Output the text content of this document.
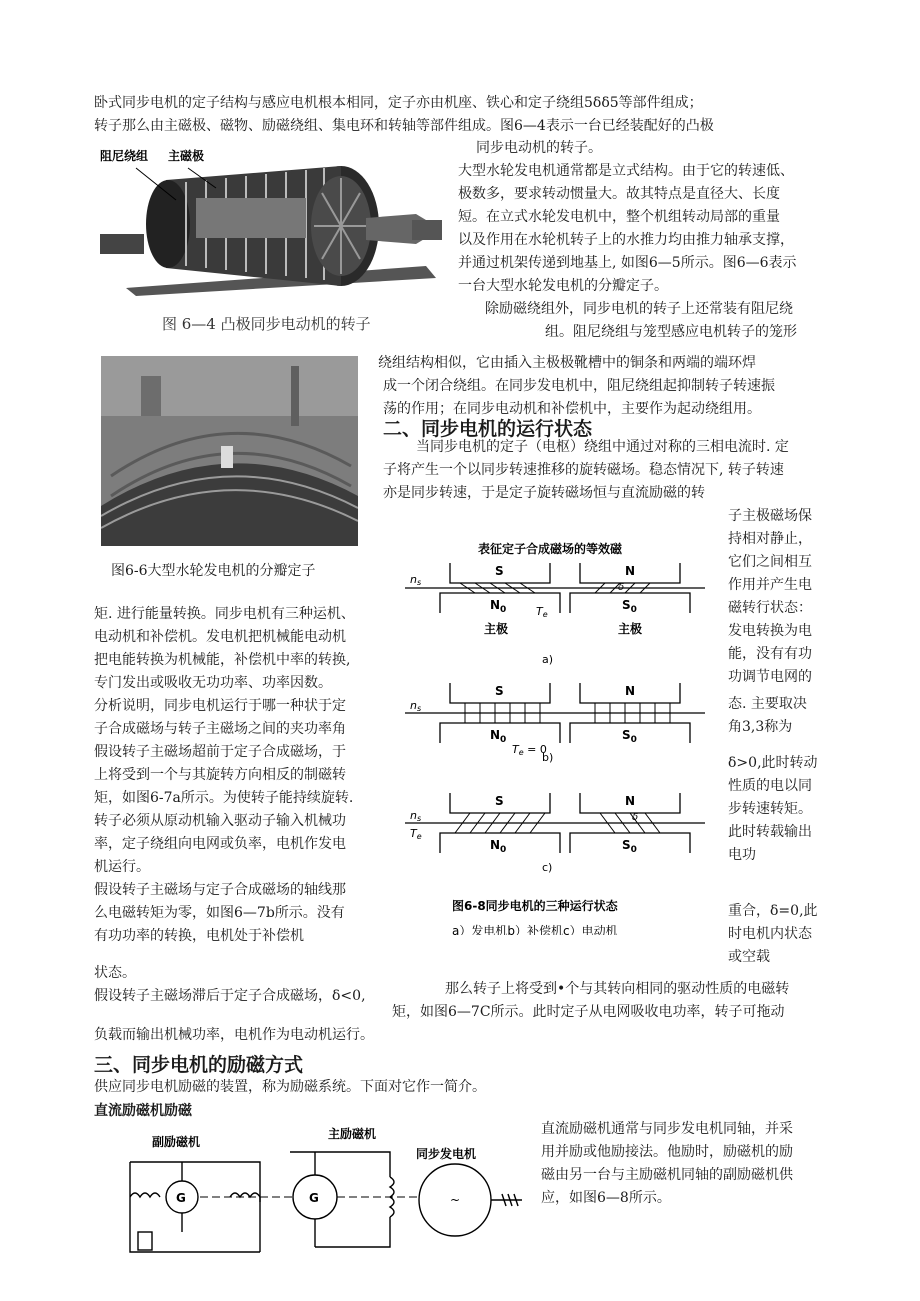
卧式同步电机的定子结构与感应电机根本相同，定子亦由机座、铁心和定子绕组5δδ5等部件组成；
转子那么由主磁极、磁物、励磁绕组、集电环和转轴等部件组成。图6—4表示一台已经装配好的凸极
同步电动机的转子。
阻尼绕组 主磁极
图 6—4 凸极同步电动机的转子
大型水轮发电机通常都是立式结构。由于它的转速低、
极数多，要求转动惯量大。故其特点是直径大、长度
短。在立式水轮发电机中，整个机组转动局部的重量
以及作用在水轮机转子上的水推力均由推力轴承支撑，
并通过机架传递到地基上, 如图6—5所示。图6—6表示
一台大型水轮发电机的分瓣定子。
除励磁绕组外，同步电机的转子上还常装有阻尼绕
组。阻尼绕组与笼型感应电机转子的笼形
绕组结构相似，它由插入主极极靴槽中的铜条和两端的端环焊
成一个闭合绕组。在同步发电机中，阻尼绕组起抑制转子转速振
荡的作用；在同步电动机和补偿机中，主要作为起动绕组用。
图6-6大型水轮发电机的分瓣定子
二、同步电机的运行状态
当同步电机的定子（电枢）绕组中通过对称的三相电流时. 定
子将产生一个以同步转速推移的旋转磁场。稳态情况下, 转子转速
亦是同步转速，于是定子旋转磁场恒与直流励磁的转
表征定子合成磁场的等效磁
S	N
$N_0$	$S_0$
ns
Te
主极	主极
δ
a)
S	N
$N_0$	$S_0$
ns
Te = 0
b)
S	N
$N_0$	$S_0$
ns
Te
δ
c)
图6-8同步电机的三种运行状态
a）发电机b）补偿机c）电动机
子主极磁场保
持相对静止，
它们之间相互
作用并产生电
磁转行状态：
发电转换为电
能，没有有功
功调节电网的
态. 主要取决
角3,3称为
δ>0,此时转动
性质的电以同
步转速转矩。
此时转载输出
电功
重合，δ=0,此
时电机内状态
或空载
矩. 进行能量转换。同步电机有三种运机、
电动机和补偿机。发电机把机械能电动机
把电能转换为机械能，补偿机中率的转换,
专门发出或吸收无功功率、功率因数。
分析说明，同步电机运行于哪一种状于定
子合成磁场与转子主磁场之间的夹功率角
假设转子主磁场超前于定子合成磁场，于
上将受到一个与其旋转方向相反的制磁转
矩，如图6-7a所示。为使转子能持续旋转.
转子必须从原动机输入驱动子输入机械功
率，定子绕组向电网或负率，电机作发电
机运行。
假设转子主磁场与定子合成磁场的轴线那
么电磁转矩为零，如图6—7b所示。没有
有功功率的转换，电机处于补偿机
状态。
假设转子主磁场滞后于定子合成磁场，δ<0,	那么转子上将受到•个与其转向相同的驱动性质的电磁转
矩，如图6—7C所示。此时定子从电网吸收电功率，转子可拖动
负载而输出机械功率，电机作为电动机运行。
三、同步电机的励磁方式
供应同步电机励磁的装置，称为励磁系统。下面对它作一简介。
直流励磁机励磁
副励磁机
主励磁机
同步发电机
G	G	~
直流励磁机通常与同步发电机同轴，并采
用并励或他励接法。他励时，励磁机的励
磁由另一台与主励磁机同轴的副励磁机供
应，如图6—8所示。
